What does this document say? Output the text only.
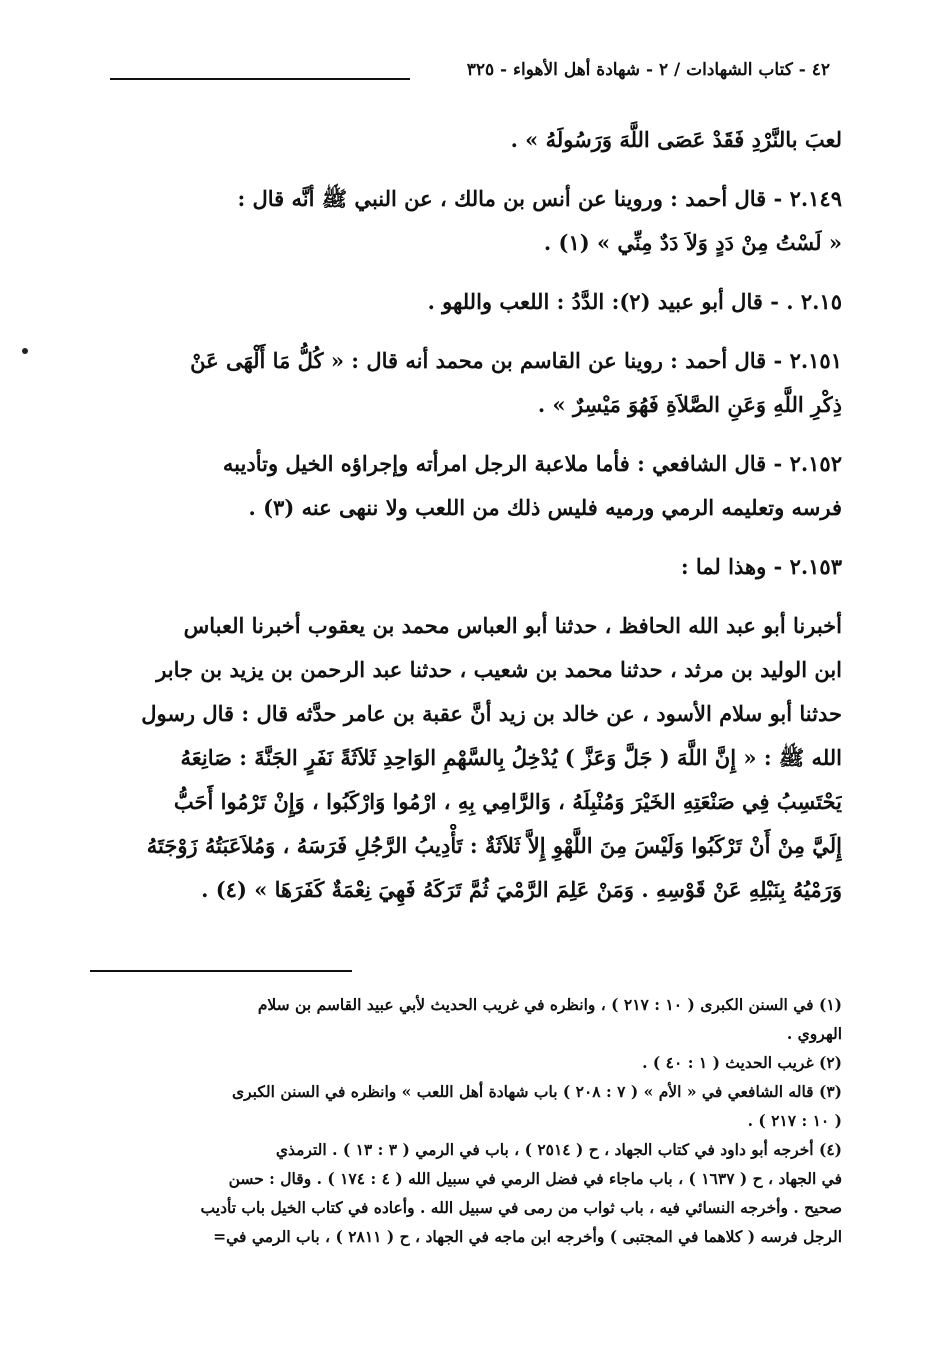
٤٢ - كتاب الشهادات / ٢ - شهادة أهل الأهواء - ٣٢٥
لعبَ بالنَّرْدِ فَقَدْ عَصَى اللَّهَ وَرَسُولَهُ » .
٢.١٤٩ - قال أحمد : وروينا عن أنس بن مالك ، عن النبي ﷺ أنَّه قال :
« لَسْتُ مِنْ دَدٍ وَلاَ دَدٌ مِنِّي » (١) .
٢.١٥ . - قال أبو عبيد (٢): الدَّدُ : اللعب واللهو .
٢.١٥١ - قال أحمد : روينا عن القاسم بن محمد أنه قال : « كُلُّ مَا أَلْهَى عَنْ
ذِكْرِ اللَّهِ وَعَنِ الصَّلاَةِ فَهُوَ مَيْسِرٌ » .
٢.١٥٢ - قال الشافعي : فأما ملاعبة الرجل امرأته وإجراؤه الخيل وتأديبه
فرسه وتعليمه الرمي ورميه فليس ذلك من اللعب ولا ننهى عنه (٣) .
٢.١٥٣ - وهذا لما :
أخبرنا أبو عبد الله الحافظ ، حدثنا أبو العباس محمد بن يعقوب أخبرنا العباس
ابن الوليد بن مرثد ، حدثنا محمد بن شعيب ، حدثنا عبد الرحمن بن يزيد بن جابر
حدثنا أبو سلام الأسود ، عن خالد بن زيد أنَّ عقبة بن عامر حدَّثه قال : قال رسول
الله ﷺ : « إِنَّ اللَّهَ ( جَلَّ وَعَزَّ ) يُدْخِلُ بِالسَّهْمِ الوَاحِدِ ثَلاَثَةً نَفَرٍ الجَنَّةَ : صَانِعَهُ
يَحْتَسِبُ فِي صَنْعَتِهِ الخَيْرَ وَمُنْبِلَهُ ، وَالرَّامِي بِهِ ، ارْمُوا وَارْكَبُوا ، وَإِنْ تَرْمُوا أَحَبُّ
إِلَيَّ مِنْ أَنْ تَرْكَبُوا وَلَيْسَ مِنَ اللَّهْوِ إِلاَّ ثَلاَثَةٌ : تَأْدِيبُ الرَّجُلِ فَرَسَهُ ، وَمُلاَعَبَتُهُ زَوْجَتَهُ
وَرَمْيُهُ بِنَبْلِهِ عَنْ قَوْسِهِ . وَمَنْ عَلِمَ الرَّمْيَ ثُمَّ تَرَكَهُ فَهِيَ نِعْمَةٌ كَفَرَهَا » (٤) .
(١) في السنن الكبرى ( ١٠ : ٢١٧ ) ، وانظره في غريب الحديث لأبي عبيد القاسم بن سلام
الهروي .
(٢) غريب الحديث ( ١ : ٤٠ ) .
(٣) قاله الشافعي في « الأم » ( ٧ : ٢٠٨ ) باب شهادة أهل اللعب » وانظره في السنن الكبرى
( ١٠ : ٢١٧ ) .
(٤) أخرجه أبو داود في كتاب الجهاد ، ح ( ٢٥١٤ ) ، باب في الرمي ( ٣ : ١٣ ) . الترمذي
في الجهاد ، ح ( ١٦٣٧ ) ، باب ماجاء في فضل الرمي في سبيل الله ( ٤ : ١٧٤ ) . وقال : حسن
صحيح . وأخرجه النسائي فيه ، باب ثواب من رمى في سبيل الله . وأعاده في كتاب الخيل باب تأديب
الرجل فرسه ( كلاهما في المجتبى ) وأخرجه ابن ماجه في الجهاد ، ح ( ٢٨١١ ) ، باب الرمي في=
